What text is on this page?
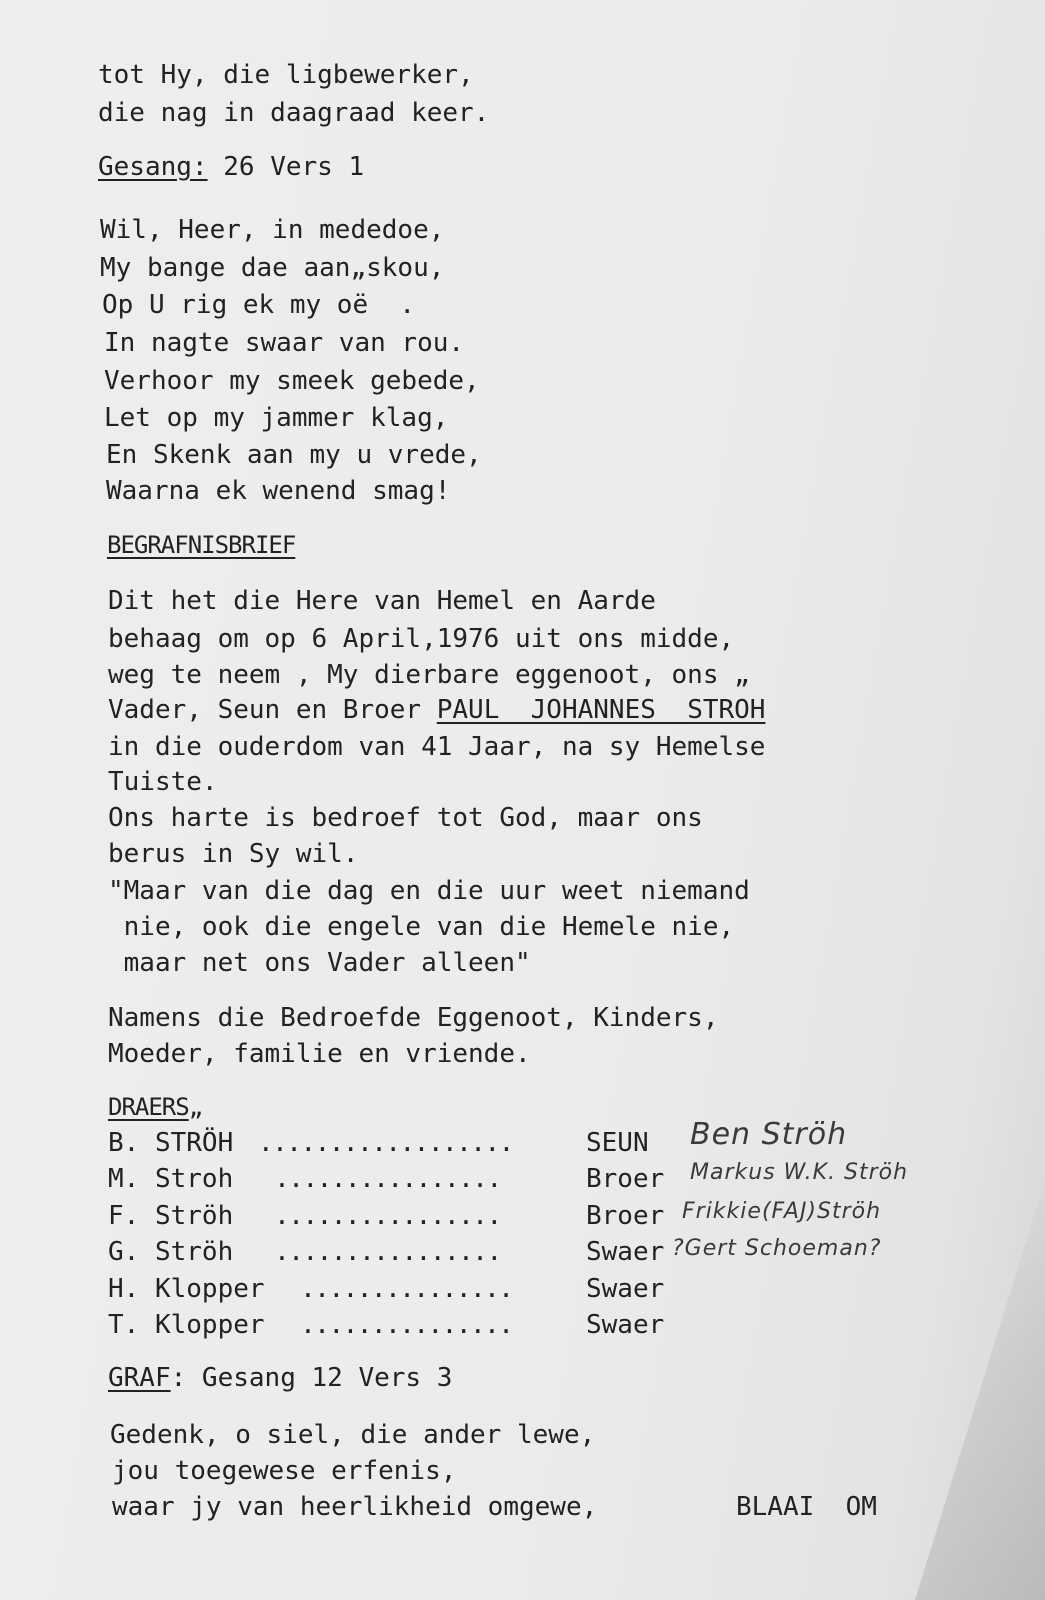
tot Hy, die ligbewerker,
die nag in daagraad keer.
Gesang: 26 Vers 1
Wil, Heer, in mededoe,
My bange dae aan„skou,
Op U rig ek my oë  .
In nagte swaar van rou.
Verhoor my smeek gebede,
Let op my jammer klag,
En Skenk aan my u vrede,
Waarna ek wenend smag!
BEGRAFNISBRIEF
Dit het die Here van Hemel en Aarde
behaag om op 6 April,1976 uit ons midde,
weg te neem , My dierbare eggenoot, ons „
Vader, Seun en Broer PAUL  JOHANNES  STROH
in die ouderdom van 41 Jaar, na sy Hemelse
Tuiste.
Ons harte is bedroef tot God, maar ons
berus in Sy wil.
"Maar van die dag en die uur weet niemand
nie, ook die engele van die Hemele nie,
maar net ons Vader alleen"
Namens die Bedroefde Eggenoot, Kinders,
Moeder, familie en vriende.
DRAERS„
B. STRÖH ..................	SEUN Ben Ströh
M. Stroh ................	Broer Markus W.K. Ströh
F. Ströh ................	Broer Frikkie(FAJ)Ströh
G. Ströh ................	Swaer ?Gert Schoeman?
H. Klopper ...............	Swaer
T. Klopper ...............	Swaer
GRAF: Gesang 12 Vers 3
Gedenk, o siel, die ander lewe,
jou toegewese erfenis,
waar jy van heerlikheid omgewe,	BLAAI  OM
